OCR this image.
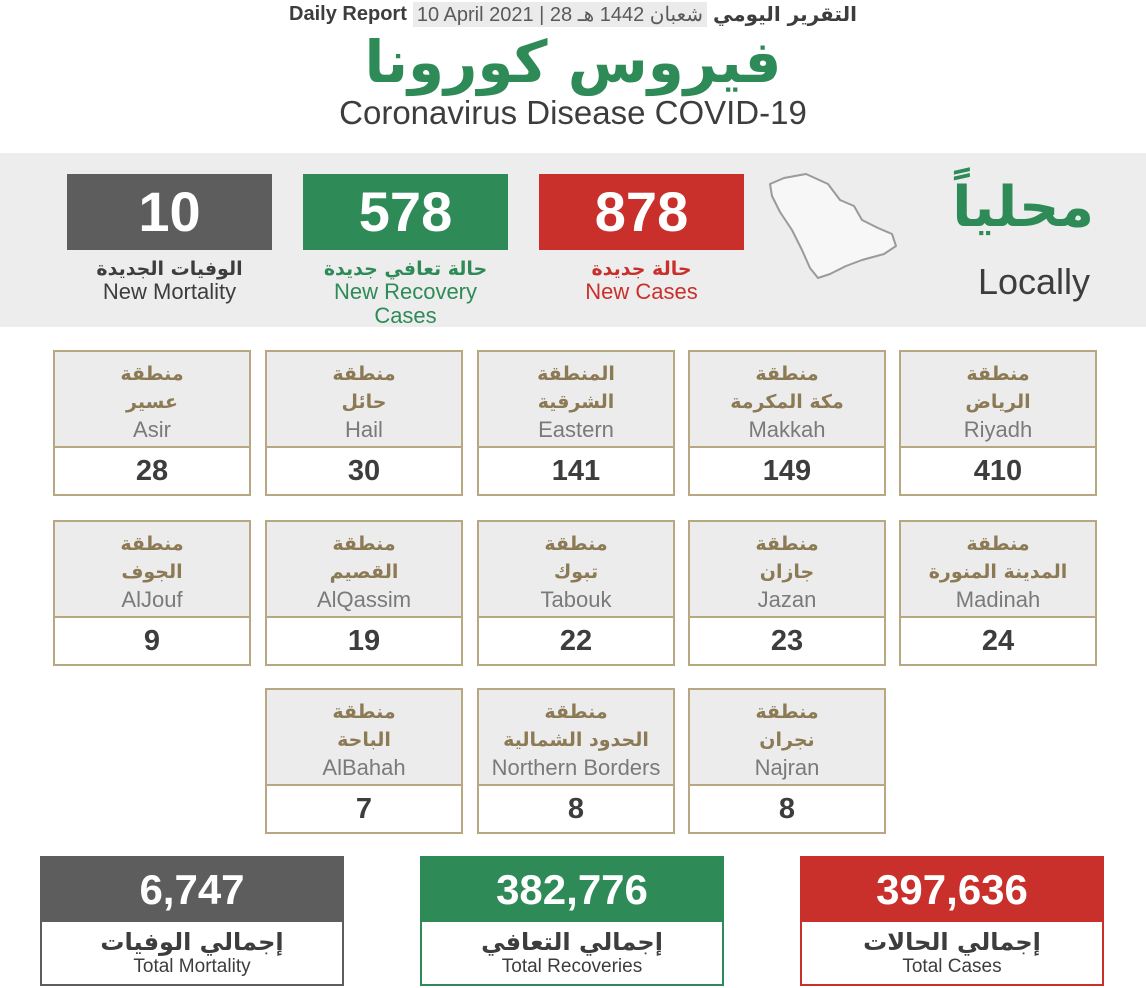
Daily Report 10 April 2021 | 28 شعبان 1442 هـ التقرير اليومي
فيروس كورونا
Coronavirus Disease COVID-19
10
الوفيات الجديدة
New Mortality
578
حالة تعافي جديدة
New Recovery Cases
878
حالة جديدة
New Cases
محلياً
Locally
منطقة
الرياض
Riyadh
410
منطقة
مكة المكرمة
Makkah
149
المنطقة
الشرقية
Eastern
141
منطقة
حائل
Hail
30
منطقة
عسير
Asir
28
منطقة
المدينة المنورة
Madinah
24
منطقة
جازان
Jazan
23
منطقة
تبوك
Tabouk
22
منطقة
القصيم
AlQassim
19
منطقة
الجوف
AlJouf
9
منطقة
نجران
Najran
8
منطقة
الحدود الشمالية
Northern Borders
8
منطقة
الباحة
AlBahah
7
6,747
إجمالي الوفيات
Total Mortality
382,776
إجمالي التعافي
Total Recoveries
397,636
إجمالي الحالات
Total Cases
